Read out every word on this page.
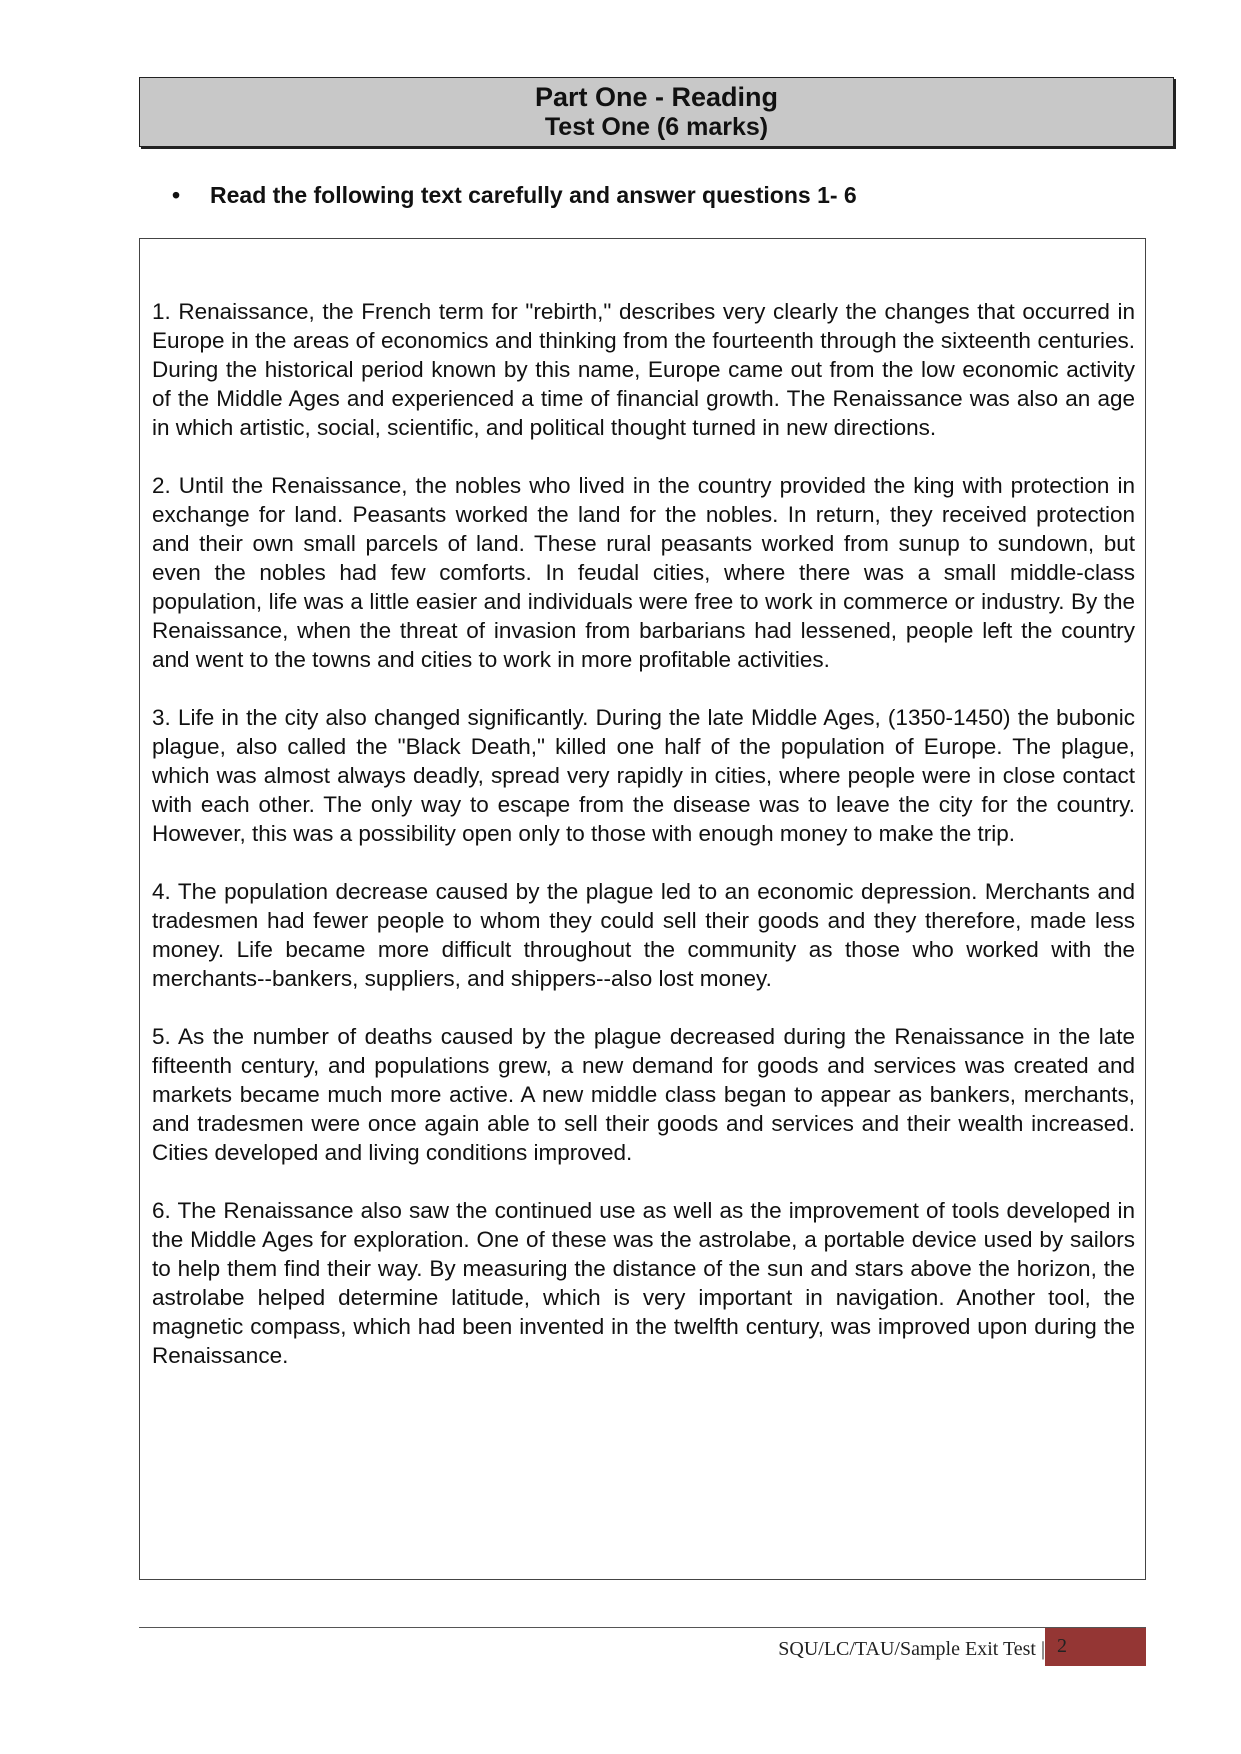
Part One - Reading
Test One (6 marks)
• Read the following text carefully and answer questions 1- 6

1. Renaissance, the French term for "rebirth," describes very clearly the changes that occurred in Europe in the areas of economics and thinking from the fourteenth through the sixteenth centuries. During the historical period known by this name, Europe came out from the low economic activity of the Middle Ages and experienced a time of financial growth. The Renaissance was also an age in which artistic, social, scientific, and political thought turned in new directions.

2. Until the Renaissance, the nobles who lived in the country provided the king with protection in exchange for land. Peasants worked the land for the nobles. In return, they received protection and their own small parcels of land. These rural peasants worked from sunup to sundown, but even the nobles had few comforts. In feudal cities, where there was a small middle-class population, life was a little easier and individuals were free to work in commerce or industry. By the Renaissance, when the threat of invasion from barbarians had lessened, people left the country and went to the towns and cities to work in more profitable activities.

3. Life in the city also changed significantly. During the late Middle Ages, (1350-1450) the bubonic plague, also called the "Black Death," killed one half of the population of Europe. The plague, which was almost always deadly, spread very rapidly in cities, where people were in close contact with each other. The only way to escape from the disease was to leave the city for the country. However, this was a possibility open only to those with enough money to make the trip.

4. The population decrease caused by the plague led to an economic depression. Merchants and tradesmen had fewer people to whom they could sell their goods and they therefore, made less money. Life became more difficult throughout the community as those who worked with the merchants--bankers, suppliers, and shippers--also lost money.

5. As the number of deaths caused by the plague decreased during the Renaissance in the late fifteenth century, and populations grew, a new demand for goods and services was created and markets became much more active. A new middle class began to appear as bankers, merchants, and tradesmen were once again able to sell their goods and services and their wealth increased. Cities developed and living conditions improved.

6. The Renaissance also saw the continued use as well as the improvement of tools developed in the Middle Ages for exploration. One of these was the astrolabe, a portable device used by sailors to help them find their way. By measuring the distance of the sun and stars above the horizon, the astrolabe helped determine latitude, which is very important in navigation. Another tool, the magnetic compass, which had been invented in the twelfth century, was improved upon during the Renaissance.

SQU/LC/TAU/Sample Exit Test | 2
